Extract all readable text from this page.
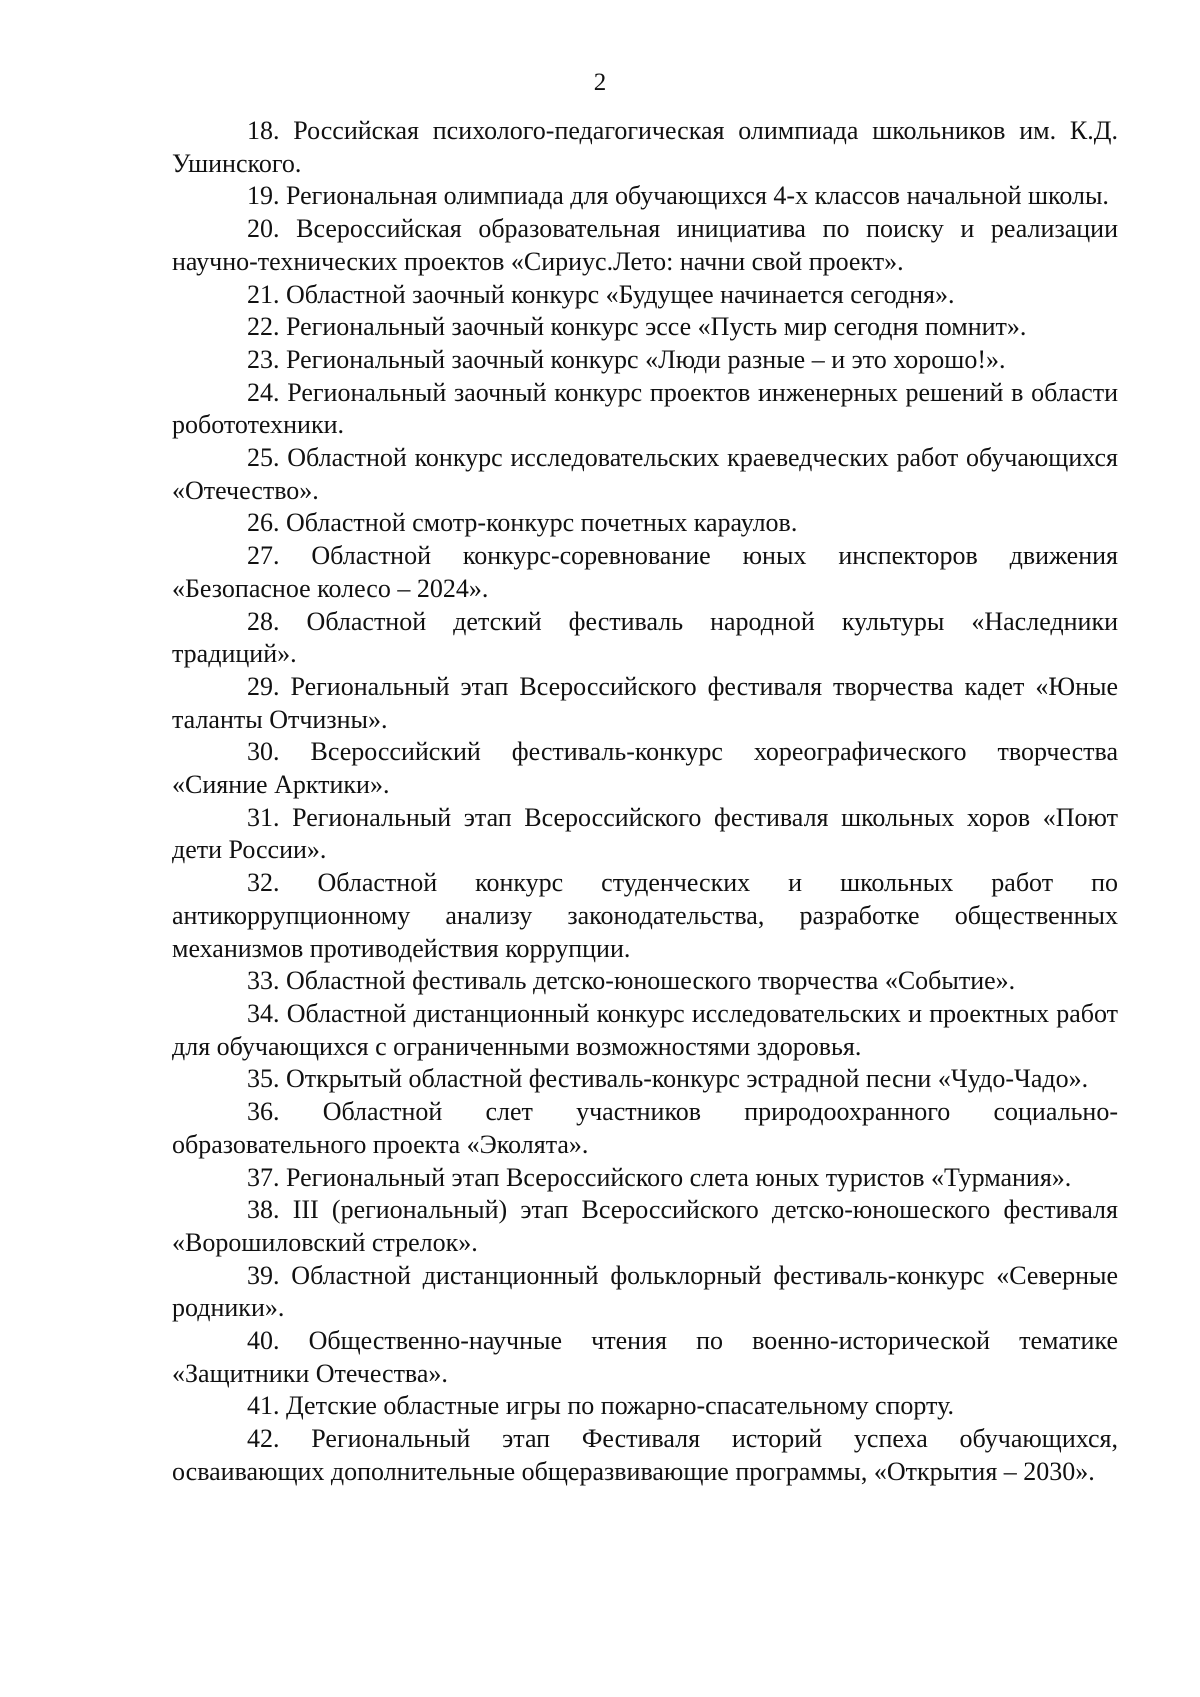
2

18. Российская психолого-педагогическая олимпиада школьников им. К.Д. Ушинского.

19. Региональная олимпиада для обучающихся 4-х классов начальной школы.

20. Всероссийская образовательная инициатива по поиску и реализации научно-технических проектов «Сириус.Лето: начни свой проект».

21. Областной заочный конкурс «Будущее начинается сегодня».

22. Региональный заочный конкурс эссе «Пусть мир сегодня помнит».

23. Региональный заочный конкурс «Люди разные – и это хорошо!».

24. Региональный заочный конкурс проектов инженерных решений в области робототехники.

25. Областной конкурс исследовательских краеведческих работ обучающихся «Отечество».

26. Областной смотр-конкурс почетных караулов.

27. Областной конкурс-соревнование юных инспекторов движения «Безопасное колесо – 2024».

28. Областной детский фестиваль народной культуры «Наследники традиций».

29. Региональный этап Всероссийского фестиваля творчества кадет «Юные таланты Отчизны».

30. Всероссийский фестиваль-конкурс хореографического творчества «Сияние Арктики».

31. Региональный этап Всероссийского фестиваля школьных хоров «Поют дети России».

32. Областной конкурс студенческих и школьных работ по антикоррупционному анализу законодательства, разработке общественных механизмов противодействия коррупции.

33. Областной фестиваль детско-юношеского творчества «Событие».

34. Областной дистанционный конкурс исследовательских и проектных работ для обучающихся с ограниченными возможностями здоровья.

35. Открытый областной фестиваль-конкурс эстрадной песни «Чудо-Чадо».

36. Областной слет участников природоохранного социально-образовательного проекта «Эколята».

37. Региональный этап Всероссийского слета юных туристов «Турмания».

38. III (региональный) этап Всероссийского детско-юношеского фестиваля «Ворошиловский стрелок».

39. Областной дистанционный фольклорный фестиваль-конкурс «Северные родники».

40. Общественно-научные чтения по военно-исторической тематике «Защитники Отечества».

41. Детские областные игры по пожарно-спасательному спорту.

42. Региональный этап Фестиваля историй успеха обучающихся, осваивающих дополнительные общеразвивающие программы, «Открытия – 2030».
